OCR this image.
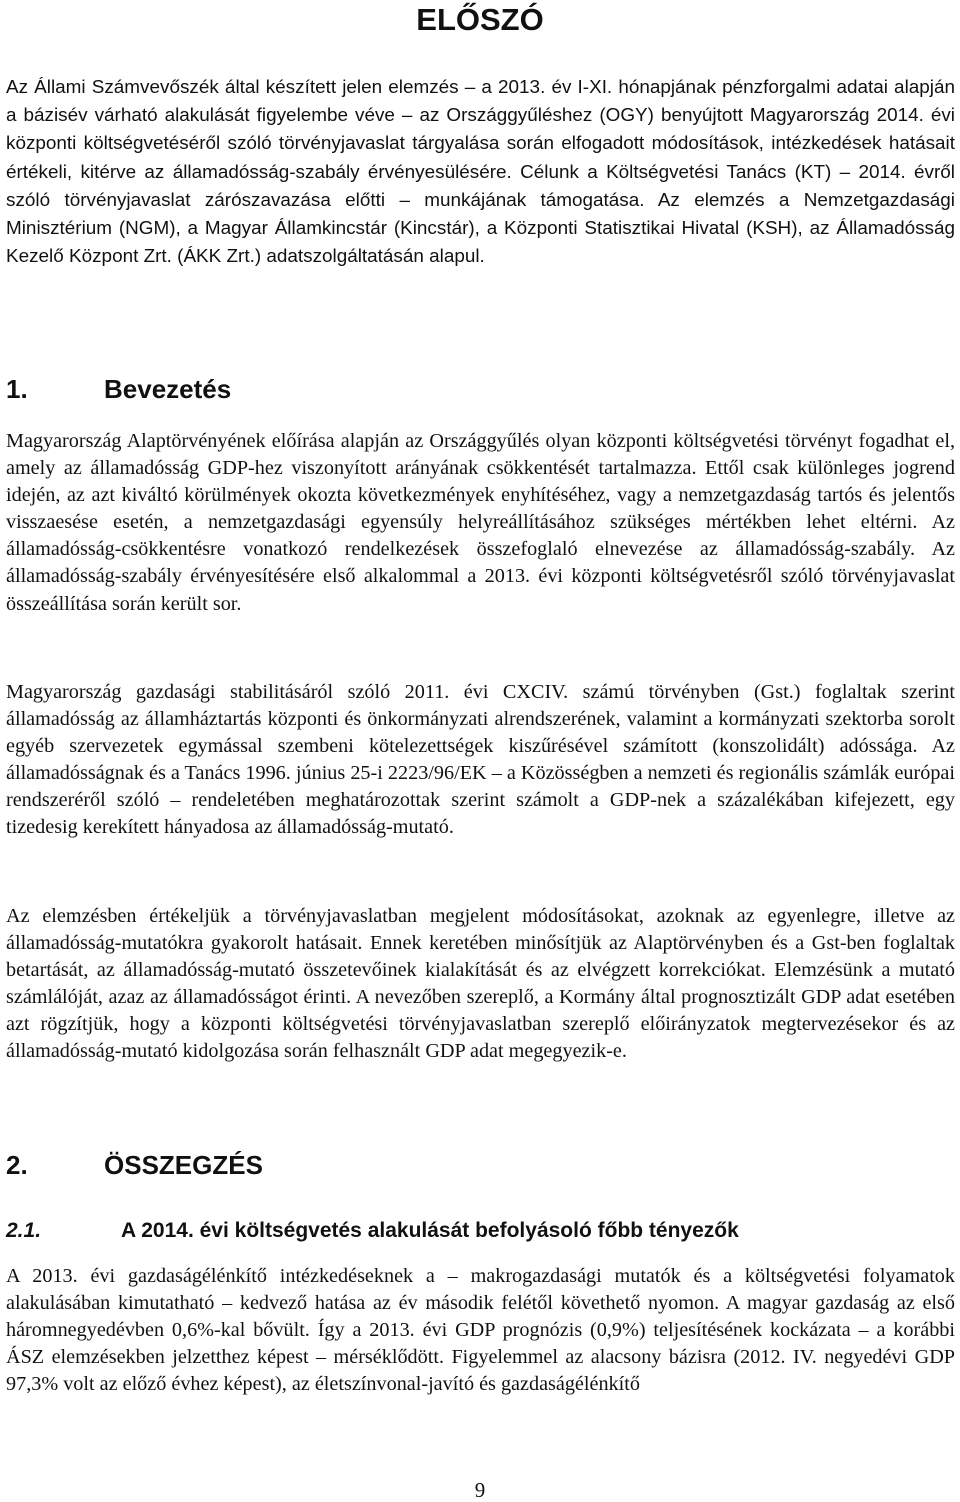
ELŐSZÓ

Az Állami Számvevőszék által készített jelen elemzés – a 2013. év I-XI. hónapjának pénzforgalmi adatai alapján a bázisév várható alakulását figyelembe véve – az Országgyűléshez (OGY) benyújtott Magyarország 2014. évi központi költségvetéséről szóló törvényjavaslat tárgyalása során elfogadott módosítások, intézkedések hatásait értékeli, kitérve az államadósság-szabály érvényesülésére. Célunk a Költségvetési Tanács (KT) – 2014. évről szóló törvényjavaslat zárószavazása előtti – munkájának támogatása. Az elemzés a Nemzetgazdasági Minisztérium (NGM), a Magyar Államkincstár (Kincstár), a Központi Statisztikai Hivatal (KSH), az Államadósság Kezelő Központ Zrt. (ÁKK Zrt.) adatszolgáltatásán alapul.

1.	Bevezetés

Magyarország Alaptörvényének előírása alapján az Országgyűlés olyan központi költségvetési törvényt fogadhat el, amely az államadósság GDP-hez viszonyított arányának csökkentését tartalmazza. Ettől csak különleges jogrend idején, az azt kiváltó körülmények okozta következmények enyhítéséhez, vagy a nemzetgazdaság tartós és jelentős visszaesése esetén, a nemzetgazdasági egyensúly helyreállításához szükséges mértékben lehet eltérni. Az államadósság-csökkentésre vonatkozó rendelkezések összefoglaló elnevezése az államadósság-szabály. Az államadósság-szabály érvényesítésére első alkalommal a 2013. évi központi költségvetésről szóló törvényjavaslat összeállítása során került sor.

Magyarország gazdasági stabilitásáról szóló 2011. évi CXCIV. számú törvényben (Gst.) foglaltak szerint államadósság az államháztartás központi és önkormányzati alrendszerének, valamint a kormányzati szektorba sorolt egyéb szervezetek egymással szembeni kötelezettségek kiszűrésével számított (konszolidált) adóssága. Az államadósságnak és a Tanács 1996. június 25-i 2223/96/EK – a Közösségben a nemzeti és regionális számlák európai rendszeréről szóló – rendeletében meghatározottak szerint számolt a GDP-nek a százalékában kifejezett, egy tizedesig kerekített hányadosa az államadósság-mutató.

Az elemzésben értékeljük a törvényjavaslatban megjelent módosításokat, azoknak az egyenlegre, illetve az államadósság-mutatókra gyakorolt hatásait. Ennek keretében minősítjük az Alaptörvényben és a Gst-ben foglaltak betartását, az államadósság-mutató összetevőinek kialakítását és az elvégzett korrekciókat. Elemzésünk a mutató számlálóját, azaz az államadósságot érinti. A nevezőben szereplő, a Kormány által prognosztizált GDP adat esetében azt rögzítjük, hogy a központi költségvetési törvényjavaslatban szereplő előirányzatok megtervezésekor és az államadósság-mutató kidolgozása során felhasznált GDP adat megegyezik-e.

2.	ÖSSZEGZÉS
2.1.	A 2014. évi költségvetés alakulását befolyásoló főbb tényezők

A 2013. évi gazdaságélénkítő intézkedéseknek a – makrogazdasági mutatók és a költségvetési folyamatok alakulásában kimutatható – kedvező hatása az év második felétől követhető nyomon. A magyar gazdaság az első háromnegyedévben 0,6%-kal bővült. Így a 2013. évi GDP prognózis (0,9%) teljesítésének kockázata – a korábbi ÁSZ elemzésekben jelzetthez képest – mérséklődött. Figyelemmel az alacsony bázisra (2012. IV. negyedévi GDP 97,3% volt az előző évhez képest), az életszínvonal-javító és gazdaságélénkítő

9
